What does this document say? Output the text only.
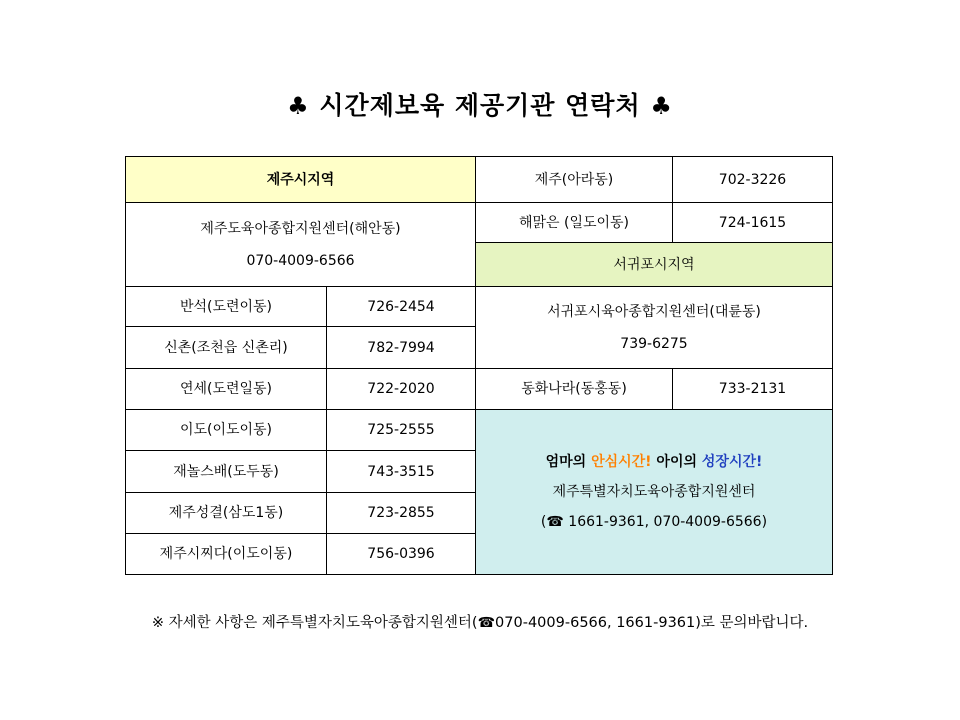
♣ 시간제보육 제공기관 연락처 ♣
제주시지역		제주(아라동)	702-3226

제주도육아종합지원센터(해안동)
070-4009-6566		해맑은 (일도이동)	724-1615
		서귀포시지역	
반석(도련이동)	726-2454	서귀포시육아종합지원센터(대륜동)
739-6275	

신촌(조천읍 신촌리)	782-7994		
연세(도련일동)	722-2020	동화나라(동홍동)	733-2131
이도(이도이동)	725-2555	엄마의 안심시간! 아이의 성장시간!
제주특별자치도육아종합지원센터
(☎ 1661-9361, 070-4009-6566)	

재놀스배(도두동)	743-3515		
제주성결(삼도1동)	723-2855		
제주시찌다(이도이동)	756-0396		
※ 자세한 사항은 제주특별자치도육아종합지원센터(☎070-4009-6566, 1661-9361)로 문의바랍니다.
